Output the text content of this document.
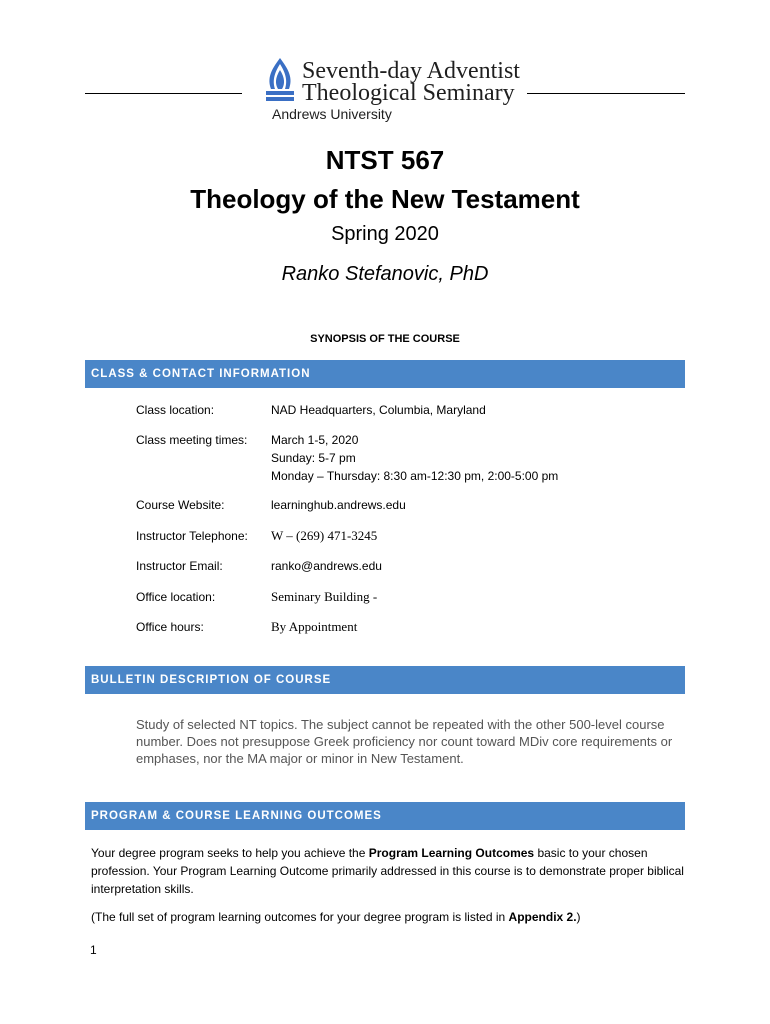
Seventh-day Adventist
Theological Seminary
Andrews University
NTST 567
Theology of the New Testament
Spring 2020
Ranko Stefanovic, PhD
SYNOPSIS OF THE COURSE
CLASS & CONTACT INFORMATION
Class location:	NAD Headquarters, Columbia, Maryland
Class meeting times: March 1-5, 2020
Sunday: 5-7 pm
Monday – Thursday: 8:30 am-12:30 pm, 2:00-5:00 pm
Course Website:	learninghub.andrews.edu
Instructor Telephone: W – (269) 471-3245
Instructor Email:	ranko@andrews.edu
Office location:	Seminary Building -
Office hours:	By Appointment
BULLETIN DESCRIPTION OF COURSE
Study of selected NT topics. The subject cannot be repeated with the other 500-level course number. Does not presuppose Greek proficiency nor count toward MDiv core requirements or emphases, nor the MA major or minor in New Testament.
PROGRAM & COURSE LEARNING OUTCOMES
Your degree program seeks to help you achieve the Program Learning Outcomes basic to your chosen profession. Your Program Learning Outcome primarily addressed in this course is to demonstrate proper biblical interpretation skills.
(The full set of program learning outcomes for your degree program is listed in Appendix 2.)
1
